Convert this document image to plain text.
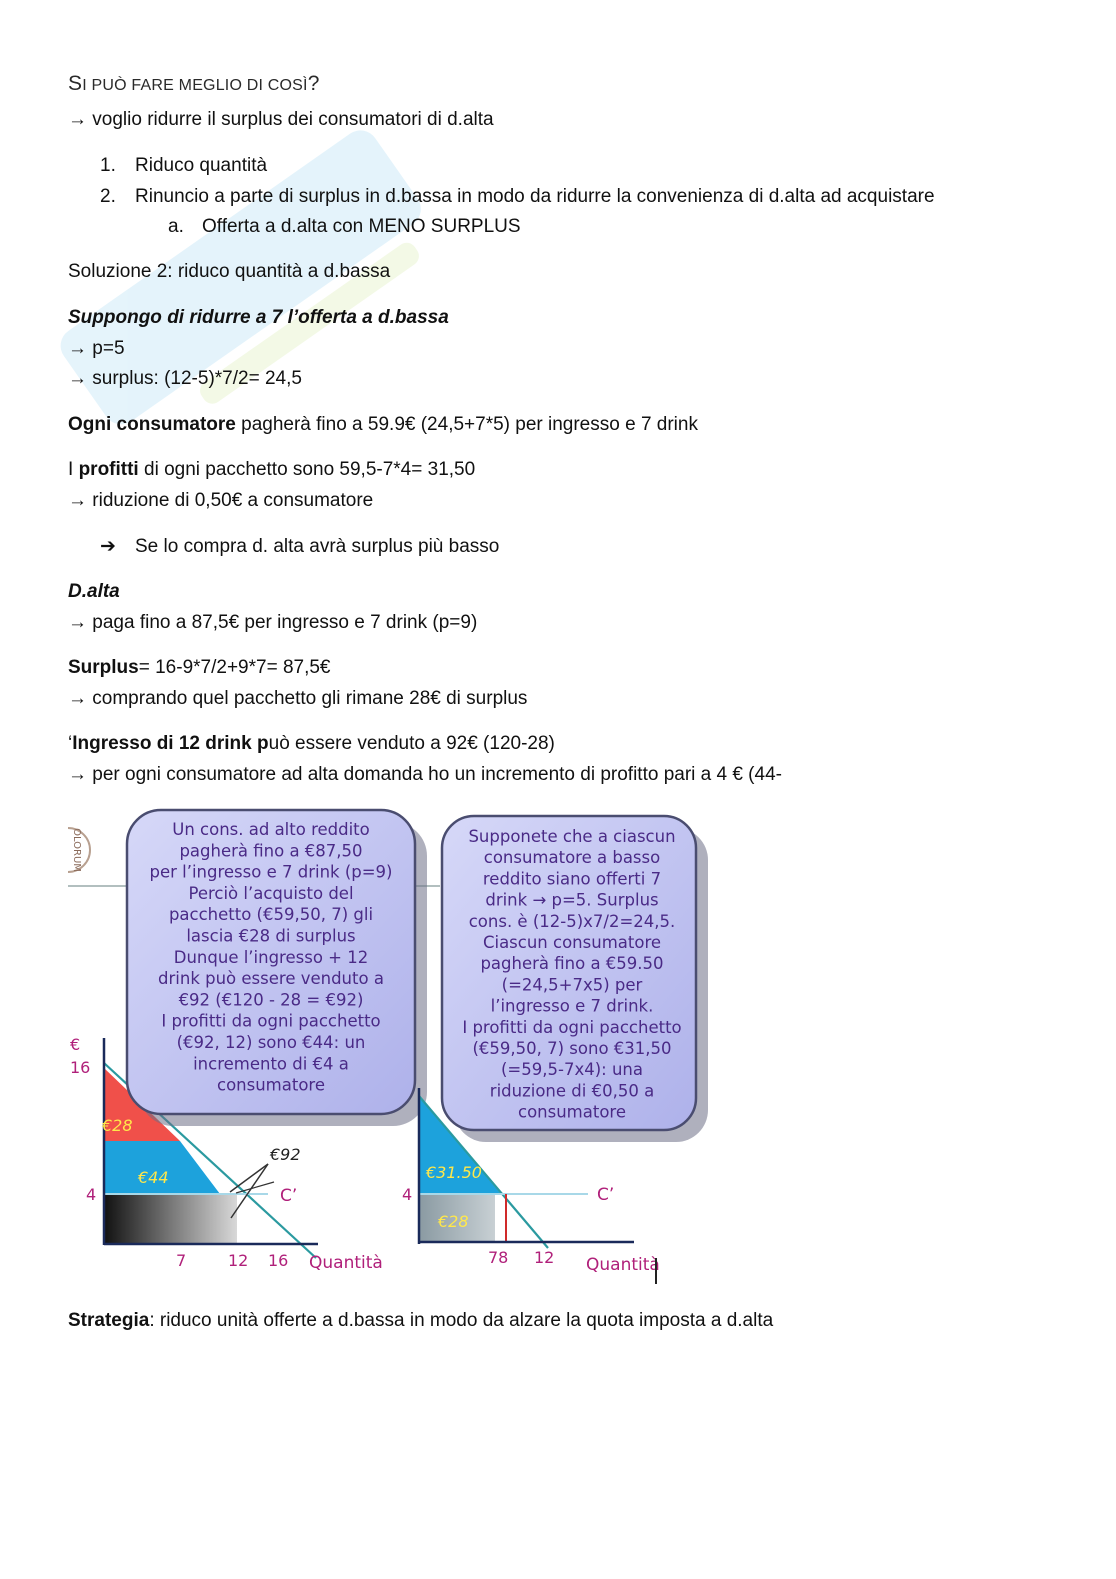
SI PUÒ FARE MEGLIO DI COSÌ?
→ voglio ridurre il surplus dei consumatori di d.alta
1. Riduco quantità
2. Rinuncio a parte di surplus in d.bassa in modo da ridurre la convenienza di d.alta ad acquistare
a. Offerta a d.alta con MENO SURPLUS
Soluzione 2: riduco quantità a d.bassa
Suppongo di ridurre a 7 l’offerta a d.bassa
→ p=5
→ surplus: (12-5)*7/2= 24,5
Ogni consumatore pagherà fino a 59.9€ (24,5+7*5) per ingresso e 7 drink
I profitti di ogni pacchetto sono 59,5-7*4= 31,50
→ riduzione di 0,50€ a consumatore
➔ Se lo compra d. alta avrà surplus più basso
D.alta
→ paga fino a 87,5€ per ingresso e 7 drink (p=9)
Surplus= 16-9*7/2+9*7= 87,5€
→ comprando quel pacchetto gli rimane 28€ di surplus
‘Ingresso di 12 drink può essere venduto a 92€ (120-28)
→ per ogni consumatore ad alta domanda ho un incremento di profitto pari a 4 € (44-
OLORUM
€
16
4
€28
€44
€92
C’
7	12 16 Quantità
Un cons. ad alto reddito
pagherà fino a €87,50
per l’ingresso e 7 drink (p=9)
Perciò l’acquisto del
pacchetto (€59,50, 7) gli
lascia €28 di surplus
Dunque l’ingresso + 12
drink può essere venduto a
€92 (€120 - 28 = €92)
I profitti da ogni pacchetto
(€92, 12) sono €44: un
incremento di €4 a
consumatore
4
€31.50
€28
C’
78 12 Quantità
Supponete che a ciascun
consumatore a basso
reddito siano offerti 7
drink → p=5. Surplus
cons. è (12-5)x7/2=24,5.
Ciascun consumatore
pagherà fino a €59.50
(=24,5+7x5) per
l’ingresso e 7 drink.
I profitti da ogni pacchetto
(€59,50, 7) sono €31,50
(=59,5-7x4): una
riduzione di €0,50 a
consumatore
Strategia: riduco unità offerte a d.bassa in modo da alzare la quota imposta a d.alta
